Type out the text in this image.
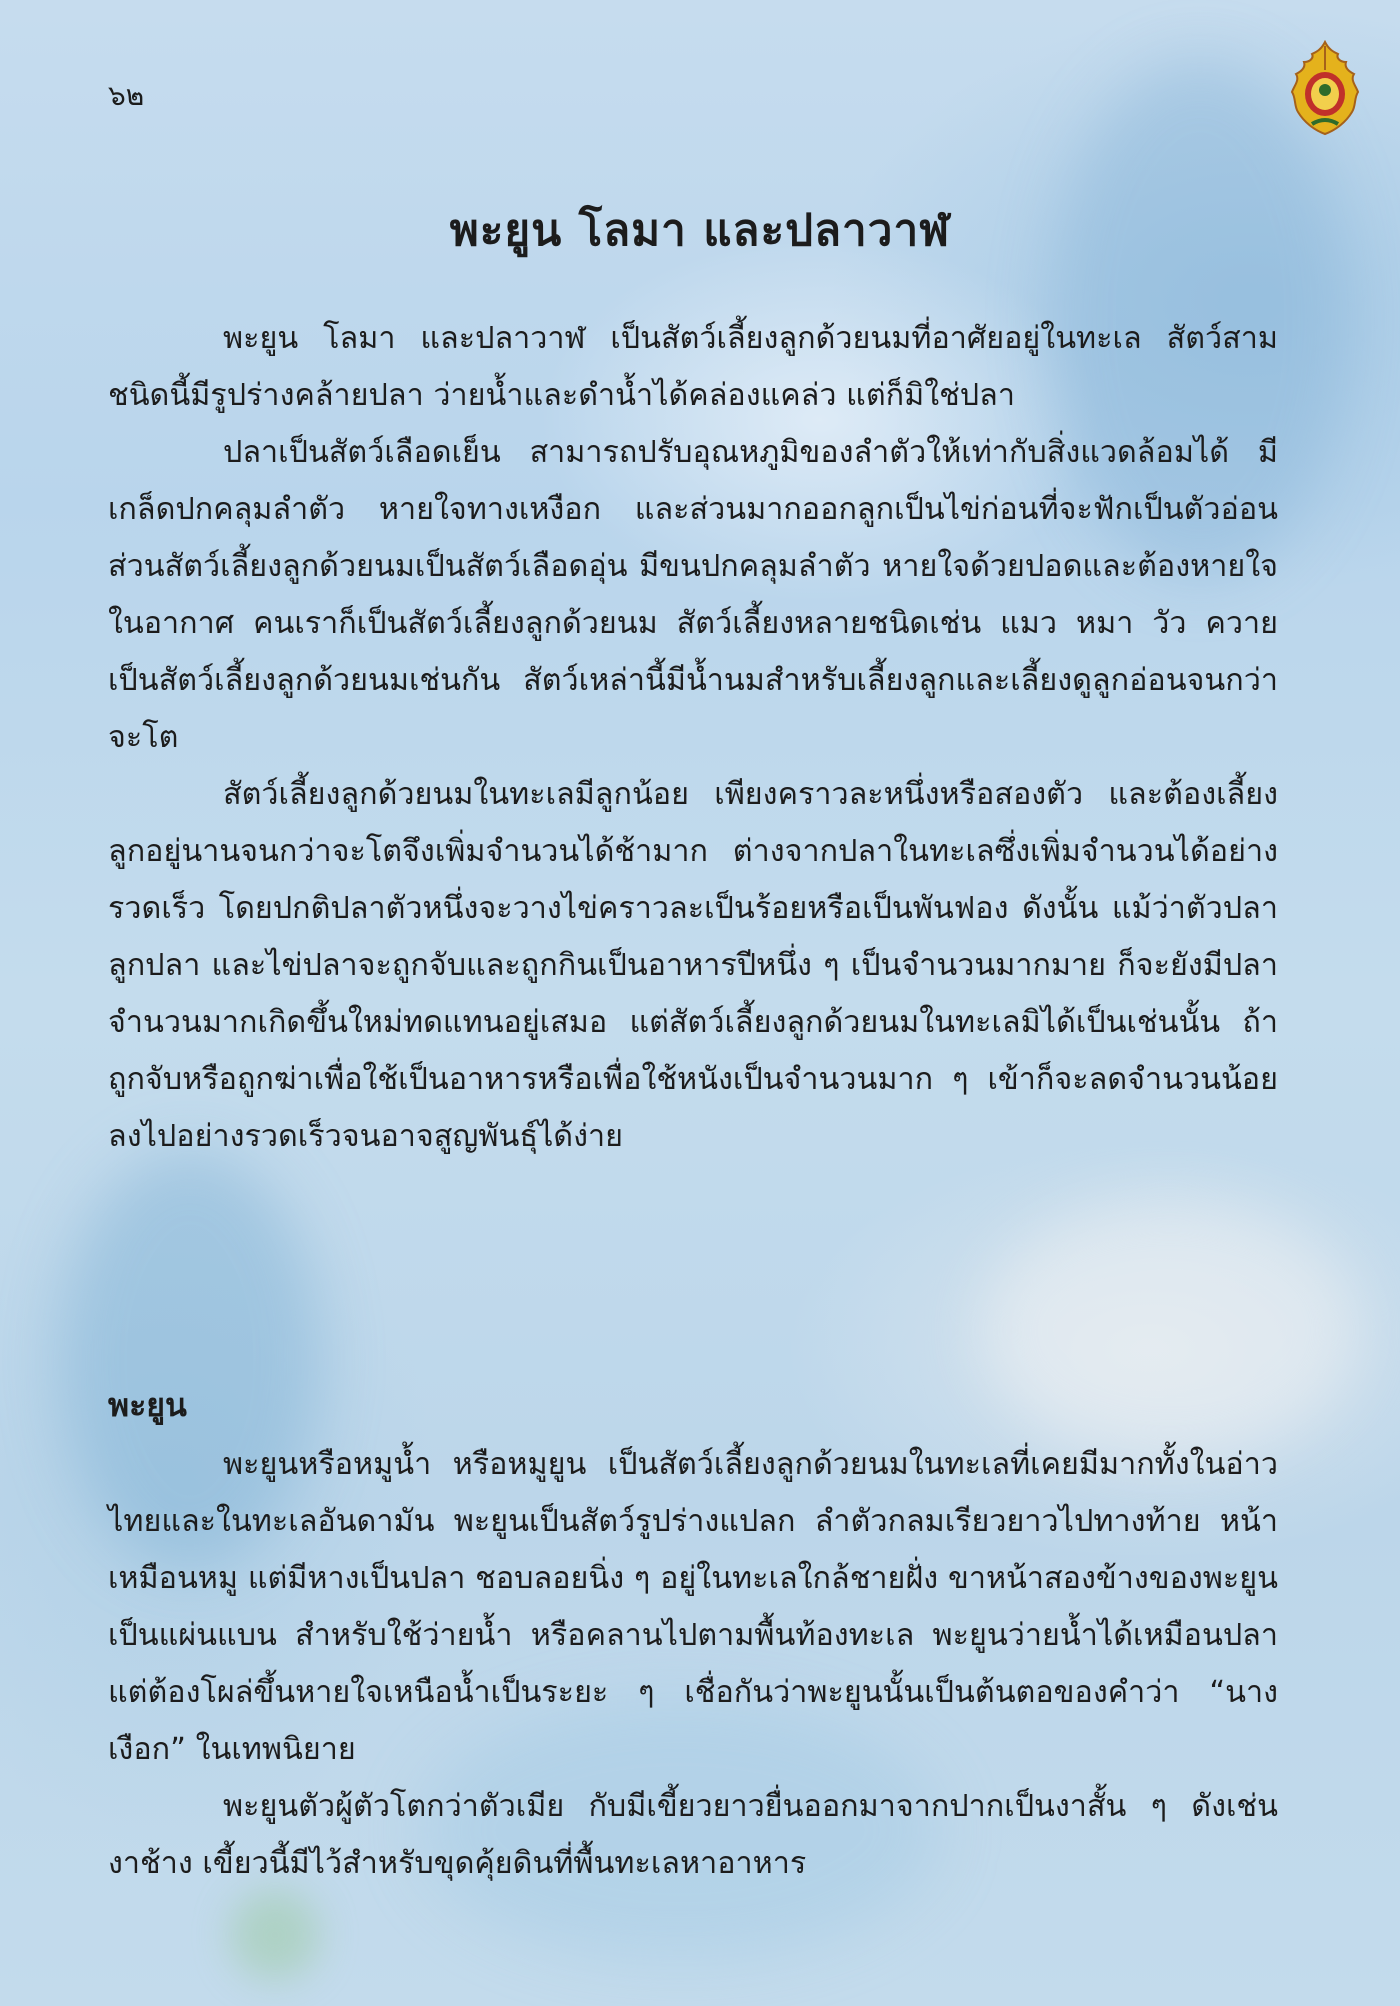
๖๒
พะยูน โลมา และปลาวาฬ

พะยูน โลมา และปลาวาฬ เป็นสัตว์เลี้ยงลูกด้วยนมที่อาศัยอยู่ในทะเล สัตว์สามชนิดนี้มีรูปร่างคล้ายปลา ว่ายน้ำและดำน้ำได้คล่องแคล่ว แต่ก็มิใช่ปลา

ปลาเป็นสัตว์เลือดเย็น สามารถปรับอุณหภูมิของลำตัวให้เท่ากับสิ่งแวดล้อมได้ มีเกล็ดปกคลุมลำตัว หายใจทางเหงือก และส่วนมากออกลูกเป็นไข่ก่อนที่จะฟักเป็นตัวอ่อน ส่วนสัตว์เลี้ยงลูกด้วยนมเป็นสัตว์เลือดอุ่น มีขนปกคลุมลำตัว หายใจด้วยปอดและต้องหายใจในอากาศ คนเราก็เป็นสัตว์เลี้ยงลูกด้วยนม สัตว์เลี้ยงหลายชนิดเช่น แมว หมา วัว ควาย เป็นสัตว์เลี้ยงลูกด้วยนมเช่นกัน สัตว์เหล่านี้มีน้ำนมสำหรับเลี้ยงลูกและเลี้ยงดูลูกอ่อนจนกว่าจะโต

สัตว์เลี้ยงลูกด้วยนมในทะเลมีลูกน้อย เพียงคราวละหนึ่งหรือสองตัว และต้องเลี้ยงลูกอยู่นานจนกว่าจะโตจึงเพิ่มจำนวนได้ช้ามาก ต่างจากปลาในทะเลซึ่งเพิ่มจำนวนได้อย่างรวดเร็ว โดยปกติปลาตัวหนึ่งจะวางไข่คราวละเป็นร้อยหรือเป็นพันฟอง ดังนั้น แม้ว่าตัวปลา ลูกปลา และไข่ปลาจะถูกจับและถูกกินเป็นอาหารปีหนึ่ง ๆ เป็นจำนวนมากมาย ก็จะยังมีปลาจำนวนมากเกิดขึ้นใหม่ทดแทนอยู่เสมอ แต่สัตว์เลี้ยงลูกด้วยนมในทะเลมิได้เป็นเช่นนั้น ถ้าถูกจับหรือถูกฆ่าเพื่อใช้เป็นอาหารหรือเพื่อใช้หนังเป็นจำนวนมาก ๆ เข้าก็จะลดจำนวนน้อยลงไปอย่างรวดเร็วจนอาจสูญพันธุ์ได้ง่าย

พะยูน

พะยูนหรือหมูน้ำ หรือหมูยูน เป็นสัตว์เลี้ยงลูกด้วยนมในทะเลที่เคยมีมากทั้งในอ่าวไทยและในทะเลอันดามัน พะยูนเป็นสัตว์รูปร่างแปลก ลำตัวกลมเรียวยาวไปทางท้าย หน้าเหมือนหมู แต่มีหางเป็นปลา ชอบลอยนิ่ง ๆ อยู่ในทะเลใกล้ชายฝั่ง ขาหน้าสองข้างของพะยูนเป็นแผ่นแบน สำหรับใช้ว่ายน้ำ หรือคลานไปตามพื้นท้องทะเล พะยูนว่ายน้ำได้เหมือนปลาแต่ต้องโผล่ขึ้นหายใจเหนือน้ำเป็นระยะ ๆ เชื่อกันว่าพะยูนนั้นเป็นต้นตอของคำว่า “นางเงือก” ในเทพนิยาย

พะยูนตัวผู้ตัวโตกว่าตัวเมีย กับมีเขี้ยวยาวยื่นออกมาจากปากเป็นงาสั้น ๆ ดังเช่นงาช้าง เขี้ยวนี้มีไว้สำหรับขุดคุ้ยดินที่พื้นทะเลหาอาหาร
